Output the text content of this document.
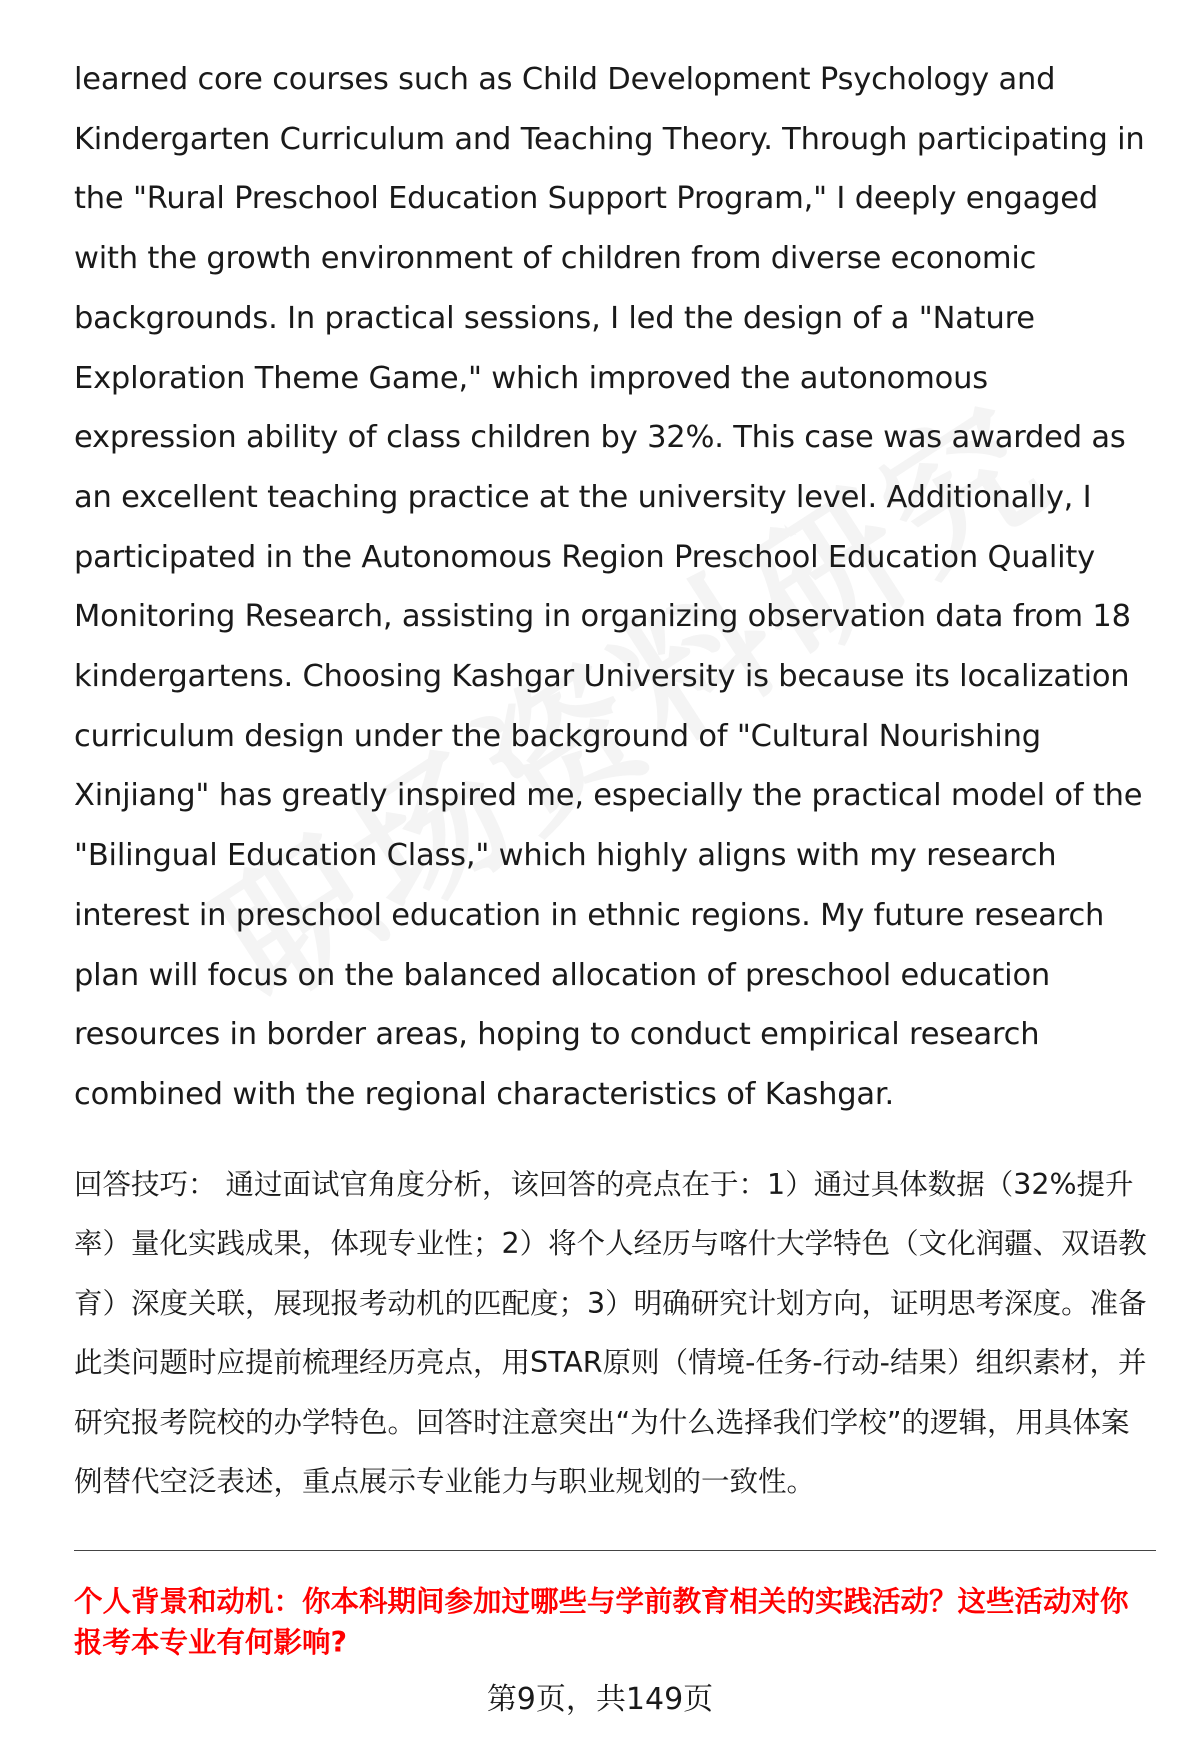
learned core courses such as Child Development Psychology and Kindergarten Curriculum and Teaching Theory. Through participating in the "Rural Preschool Education Support Program," I deeply engaged with the growth environment of children from diverse economic backgrounds. In practical sessions, I led the design of a "Nature Exploration Theme Game," which improved the autonomous expression ability of class children by 32%. This case was awarded as an excellent teaching practice at the university level. Additionally, I participated in the Autonomous Region Preschool Education Quality Monitoring Research, assisting in organizing observation data from 18 kindergartens. Choosing Kashgar University is because its localization curriculum design under the background of "Cultural Nourishing Xinjiang" has greatly inspired me, especially the practical model of the "Bilingual Education Class," which highly aligns with my research interest in preschool education in ethnic regions. My future research plan will focus on the balanced allocation of preschool education resources in border areas, hoping to conduct empirical research combined with the regional characteristics of Kashgar.

回答技巧： 通过面试官角度分析，该回答的亮点在于：1）通过具体数据（32%提升率）量化实践成果，体现专业性；2）将个人经历与喀什大学特色（文化润疆、双语教育）深度关联，展现报考动机的匹配度；3）明确研究计划方向，证明思考深度。准备此类问题时应提前梳理经历亮点，用STAR原则（情境-任务-行动-结果）组织素材，并研究报考院校的办学特色。回答时注意突出“为什么选择我们学校”的逻辑，用具体案例替代空泛表述，重点展示专业能力与职业规划的一致性。

个人背景和动机：你本科期间参加过哪些与学前教育相关的实践活动？这些活动对你报考本专业有何影响?

第9页，共149页
